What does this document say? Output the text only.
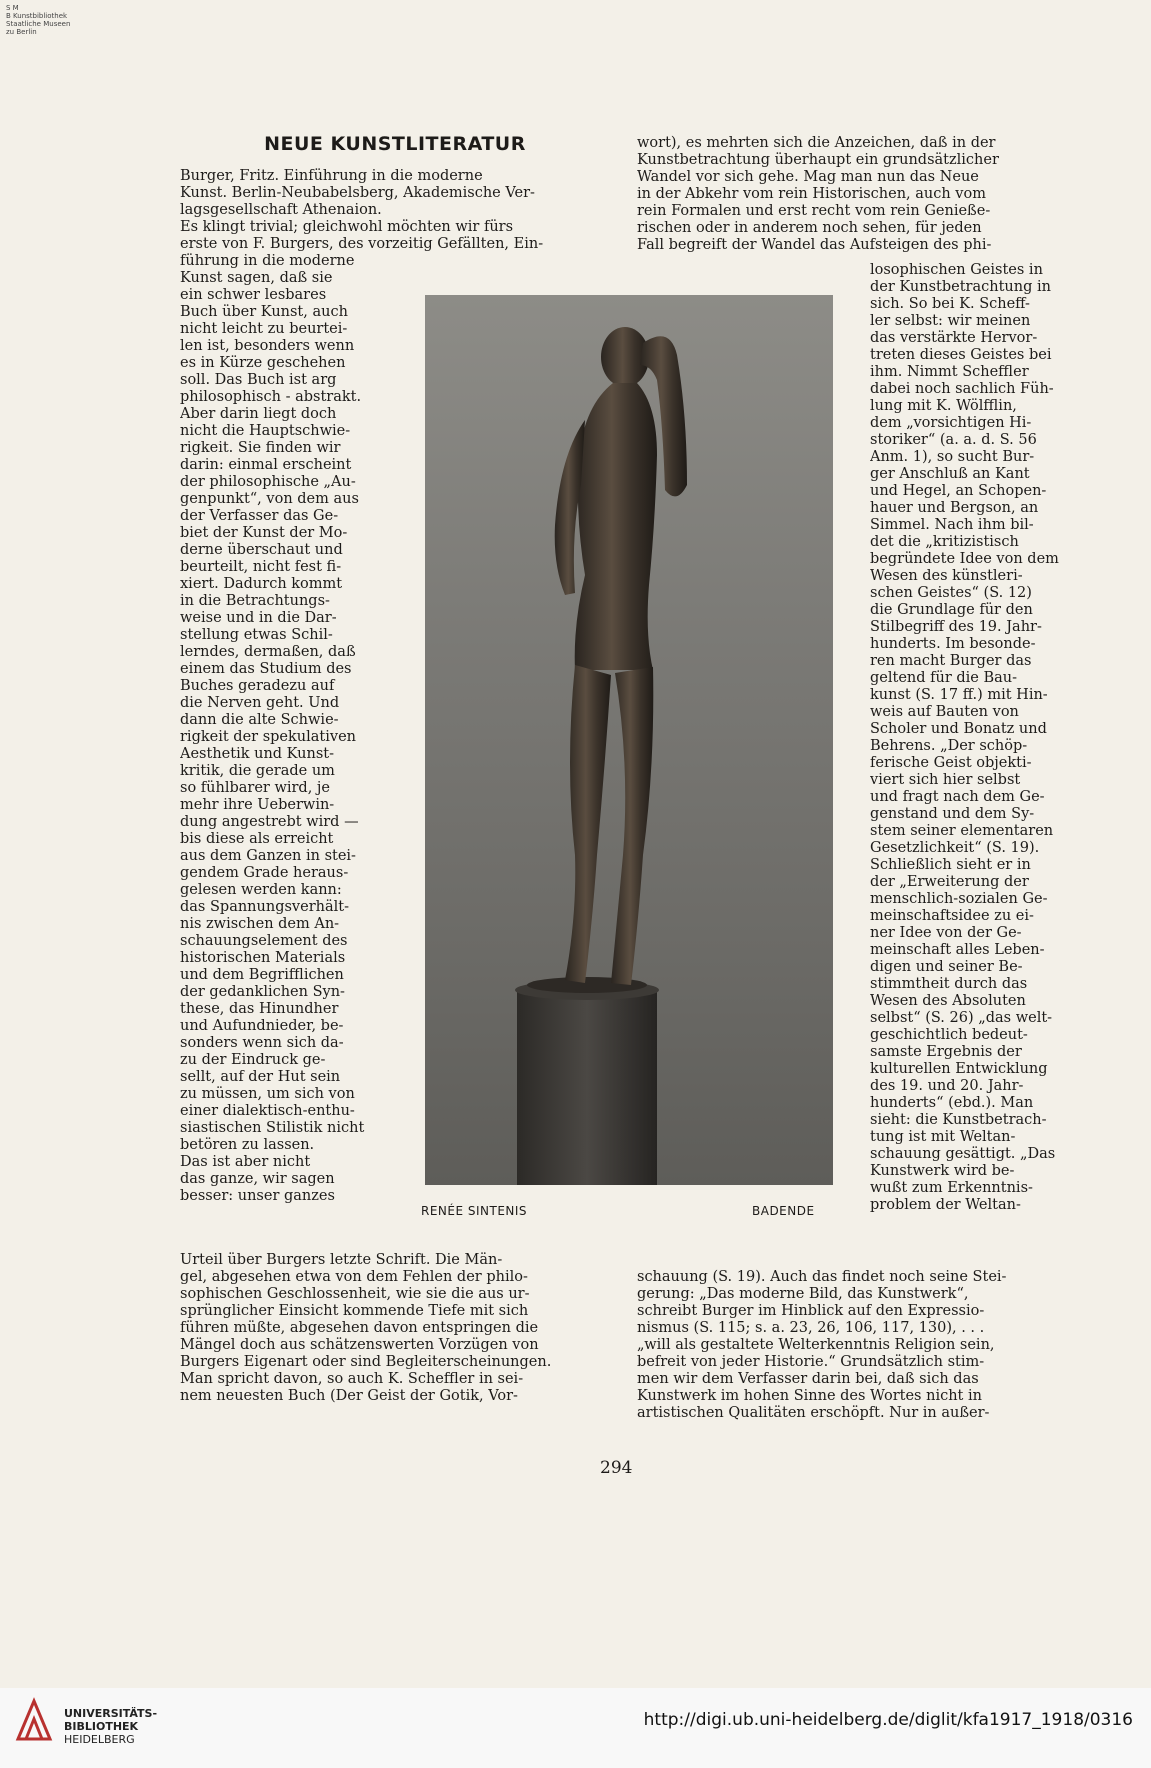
S M
B Kunstbibliothek
Staatliche Museen
zu Berlin
NEUE KUNSTLITERATUR
Burger, Fritz. Einführung in die moderne
Kunst. Berlin-Neubabelsberg, Akademische Ver-
lagsgesellschaft Athenaion.
Es klingt trivial; gleichwohl möchten wir fürs
erste von F. Burgers, des vorzeitig Gefällten, Ein-
führung in die moderne
Kunst sagen, daß sie
ein schwer lesbares
Buch über Kunst, auch
nicht leicht zu beurtei-
len ist, besonders wenn
es in Kürze geschehen
soll. Das Buch ist arg
philosophisch - abstrakt.
Aber darin liegt doch
nicht die Hauptschwie-
rigkeit. Sie finden wir
darin: einmal erscheint
der philosophische „Au-
genpunkt“, von dem aus
der Verfasser das Ge-
biet der Kunst der Mo-
derne überschaut und
beurteilt, nicht fest fi-
xiert. Dadurch kommt
in die Betrachtungs-
weise und in die Dar-
stellung etwas Schil-
lerndes, dermaßen, daß
einem das Studium des
Buches geradezu auf
die Nerven geht. Und
dann die alte Schwie-
rigkeit der spekulativen
Aesthetik und Kunst-
kritik, die gerade um
so fühlbarer wird, je
mehr ihre Ueberwin-
dung angestrebt wird —
bis diese als erreicht
aus dem Ganzen in stei-
gendem Grade heraus-
gelesen werden kann:
das Spannungsverhält-
nis zwischen dem An-
schauungselement des
historischen Materials
und dem Begrifflichen
der gedanklichen Syn-
these, das Hinundher
und Aufundnieder, be-
sonders wenn sich da-
zu der Eindruck ge-
sellt, auf der Hut sein
zu müssen, um sich von
einer dialektisch-enthu-
siastischen Stilistik nicht
betören zu lassen.
Das ist aber nicht
das ganze, wir sagen
besser: unser ganzes
Urteil über Burgers letzte Schrift. Die Män-
gel, abgesehen etwa von dem Fehlen der philo-
sophischen Geschlossenheit, wie sie die aus ur-
sprünglicher Einsicht kommende Tiefe mit sich
führen müßte, abgesehen davon entspringen die
Mängel doch aus schätzenswerten Vorzügen von
Burgers Eigenart oder sind Begleiterscheinungen.
Man spricht davon, so auch K. Scheffler in sei-
nem neuesten Buch (Der Geist der Gotik, Vor-
wort), es mehrten sich die Anzeichen, daß in der
Kunstbetrachtung überhaupt ein grundsätzlicher
Wandel vor sich gehe. Mag man nun das Neue
in der Abkehr vom rein Historischen, auch vom
rein Formalen und erst recht vom rein Genieße-
rischen oder in anderem noch sehen, für jeden
Fall begreift der Wandel das Aufsteigen des phi-
losophischen Geistes in
der Kunstbetrachtung in
sich. So bei K. Scheff-
ler selbst: wir meinen
das verstärkte Hervor-
treten dieses Geistes bei
ihm. Nimmt Scheffler
dabei noch sachlich Füh-
lung mit K. Wölfflin,
dem „vorsichtigen Hi-
storiker“ (a. a. d. S. 56
Anm. 1), so sucht Bur-
ger Anschluß an Kant
und Hegel, an Schopen-
hauer und Bergson, an
Simmel. Nach ihm bil-
det die „kritizistisch
begründete Idee von dem
Wesen des künstleri-
schen Geistes“ (S. 12)
die Grundlage für den
Stilbegriff des 19. Jahr-
hunderts. Im besonde-
ren macht Burger das
geltend für die Bau-
kunst (S. 17 ff.) mit Hin-
weis auf Bauten von
Scholer und Bonatz und
Behrens. „Der schöp-
ferische Geist objekti-
viert sich hier selbst
und fragt nach dem Ge-
genstand und dem Sy-
stem seiner elementaren
Gesetzlichkeit“ (S. 19).
Schließlich sieht er in
der „Erweiterung der
menschlich-sozialen Ge-
meinschaftsidee zu ei-
ner Idee von der Ge-
meinschaft alles Leben-
digen und seiner Be-
stimmtheit durch das
Wesen des Absoluten
selbst“ (S. 26) „das welt-
geschichtlich bedeut-
samste Ergebnis der
kulturellen Entwicklung
des 19. und 20. Jahr-
hunderts“ (ebd.). Man
sieht: die Kunstbetrach-
tung ist mit Weltan-
schauung gesättigt. „Das
Kunstwerk wird be-
wußt zum Erkenntnis-
problem der Weltan-
schauung (S. 19). Auch das findet noch seine Stei-
gerung: „Das moderne Bild, das Kunstwerk“,
schreibt Burger im Hinblick auf den Expressio-
nismus (S. 115; s. a. 23, 26, 106, 117, 130), . . .
„will als gestaltete Welterkenntnis Religion sein,
befreit von jeder Historie.“ Grundsätzlich stim-
men wir dem Verfasser darin bei, daß sich das
Kunstwerk im hohen Sinne des Wortes nicht in
artistischen Qualitäten erschöpft. Nur in außer-
RENÉE SINTENIS	BADENDE
294
UNIVERSITÄTS-
BIBLIOTHEK
HEIDELBERG
http://digi.ub.uni-heidelberg.de/diglit/kfa1917_1918/0316
